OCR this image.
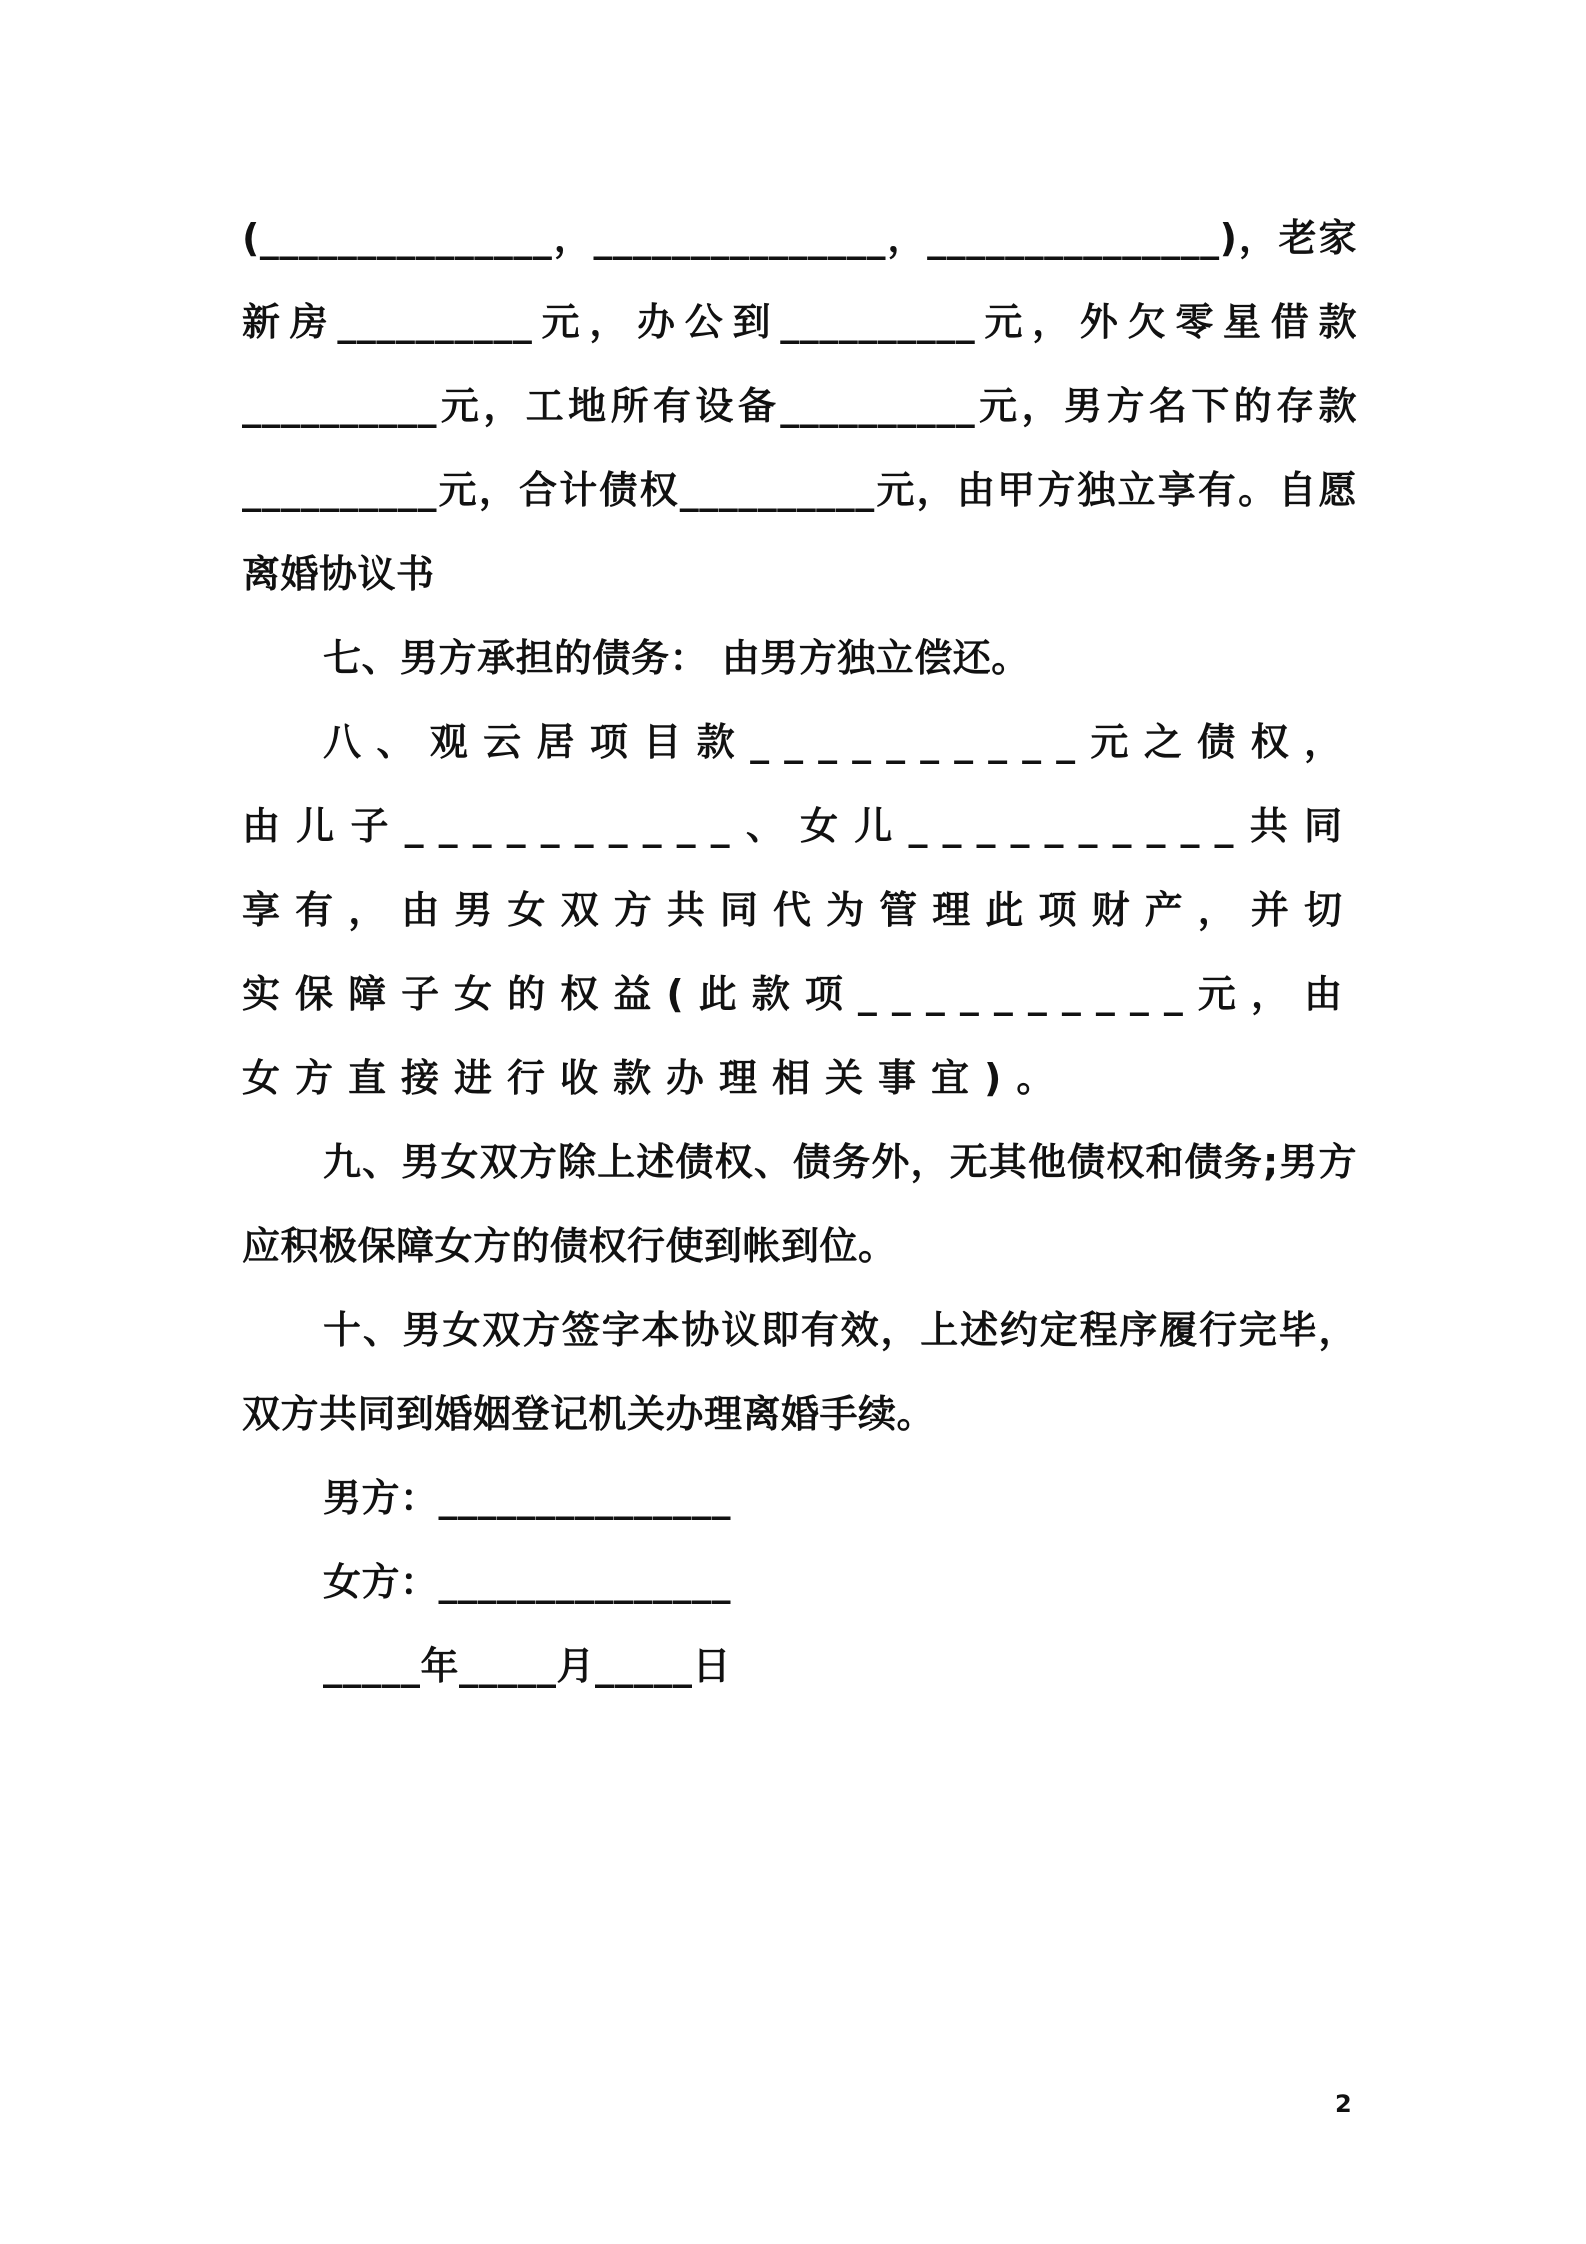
(_______________，_______________，_______________)，老家新房__________元，办公到__________元，外欠零星借款__________元，工地所有设备__________元，男方名下的存款__________元，合计债权__________元，由甲方独立享有。自愿离婚协议书

七、男方承担的债务： 由男方独立偿还。

八、观云居项目款__________元之债权，由儿子__________、女儿__________共同享有，由男女双方共同代为管理此项财产，并切实保障子女的权益(此款项__________元，由女方直接进行收款办理相关事宜)。

九、男女双方除上述债权、债务外，无其他债权和债务;男方应积极保障女方的债权行使到帐到位。

十、男女双方签字本协议即有效，上述约定程序履行完毕，双方共同到婚姻登记机关办理离婚手续。

男方：_______________

女方：_______________

_____年_____月_____日

2
